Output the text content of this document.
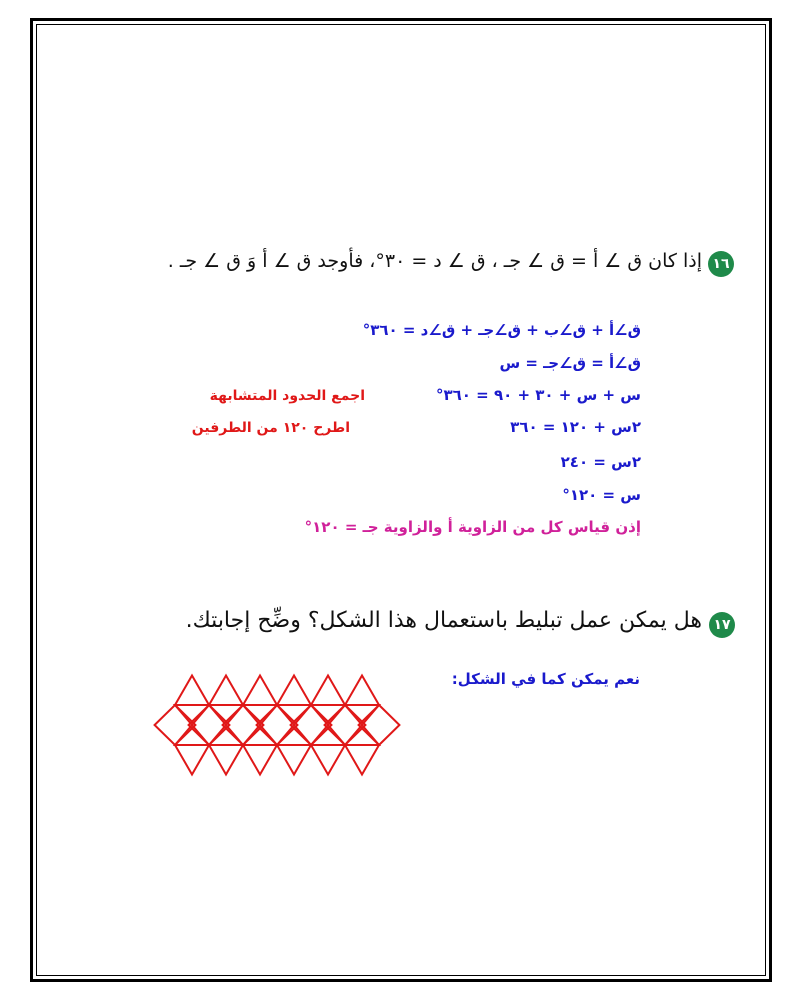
١٦
إذا كان ق ∠ أ = ق ∠ جـ ، ق ∠ د = ٣٠°، فأوجد ق ∠ أ وَ ق ∠ جـ .
ق∠أ + ق∠ب + ق∠جـ + ق∠د = ٣٦٠°
ق∠أ = ق∠جـ = س
س + س + ٣٠ + ٩٠ = ٣٦٠°
اجمع الحدود المتشابهة
٢س + ١٢٠ = ٣٦٠
اطرح ١٢٠ من الطرفين
٢س = ٢٤٠
س = ١٢٠°
إذن قياس كل من الزاوية أ والزاوية جـ = ١٢٠°
١٧
هل يمكن عمل تبليط باستعمال هذا الشكل؟ وضِّح إجابتك.
نعم يمكن كما في الشكل:
